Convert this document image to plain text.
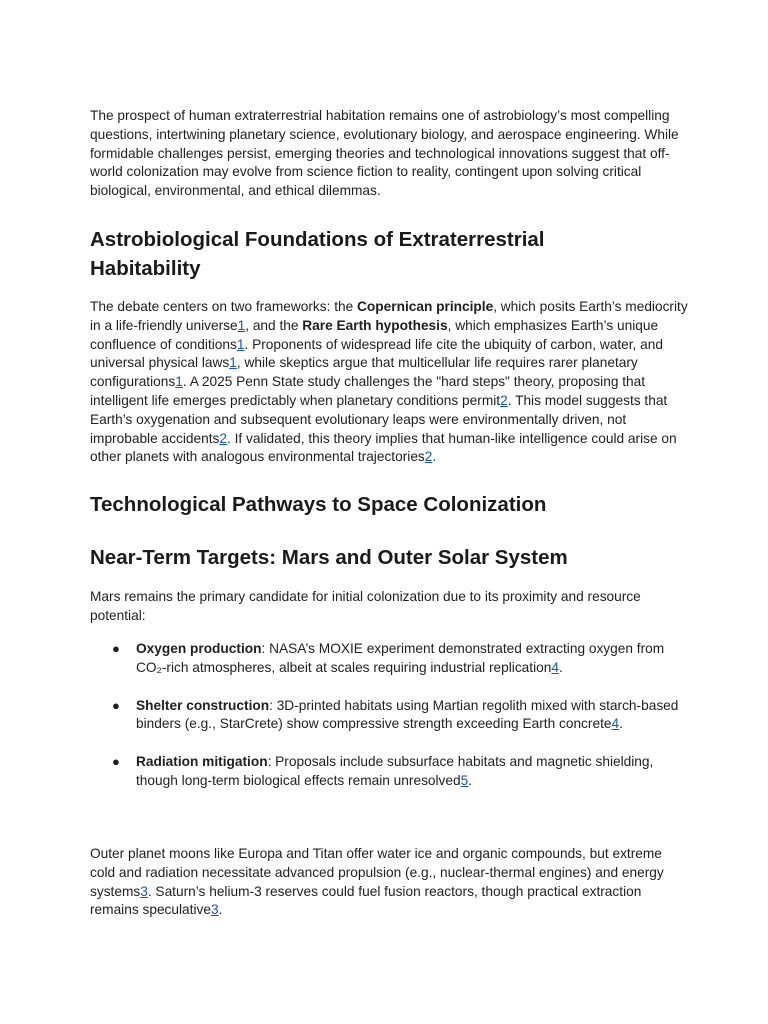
The prospect of human extraterrestrial habitation remains one of astrobiology’s most compelling questions, intertwining planetary science, evolutionary biology, and aerospace engineering. While formidable challenges persist, emerging theories and technological innovations suggest that off-world colonization may evolve from science fiction to reality, contingent upon solving critical biological, environmental, and ethical dilemmas.

Astrobiological Foundations of Extraterrestrial Habitability

The debate centers on two frameworks: the Copernican principle, which posits Earth’s mediocrity in a life-friendly universe1, and the Rare Earth hypothesis, which emphasizes Earth’s unique confluence of conditions1. Proponents of widespread life cite the ubiquity of carbon, water, and universal physical laws1, while skeptics argue that multicellular life requires rarer planetary configurations1. A 2025 Penn State study challenges the "hard steps" theory, proposing that intelligent life emerges predictably when planetary conditions permit2. This model suggests that Earth’s oxygenation and subsequent evolutionary leaps were environmentally driven, not improbable accidents2. If validated, this theory implies that human-like intelligence could arise on other planets with analogous environmental trajectories2.

Technological Pathways to Space Colonization
Near-Term Targets: Mars and Outer Solar System

Mars remains the primary candidate for initial colonization due to its proximity and resource potential:

● Oxygen production: NASA’s MOXIE experiment demonstrated extracting oxygen from CO₂-rich atmospheres, albeit at scales requiring industrial replication4.
● Shelter construction: 3D-printed habitats using Martian regolith mixed with starch-based binders (e.g., StarCrete) show compressive strength exceeding Earth concrete4.
● Radiation mitigation: Proposals include subsurface habitats and magnetic shielding, though long-term biological effects remain unresolved5.

Outer planet moons like Europa and Titan offer water ice and organic compounds, but extreme cold and radiation necessitate advanced propulsion (e.g., nuclear-thermal engines) and energy systems3. Saturn’s helium-3 reserves could fuel fusion reactors, though practical extraction remains speculative3.
